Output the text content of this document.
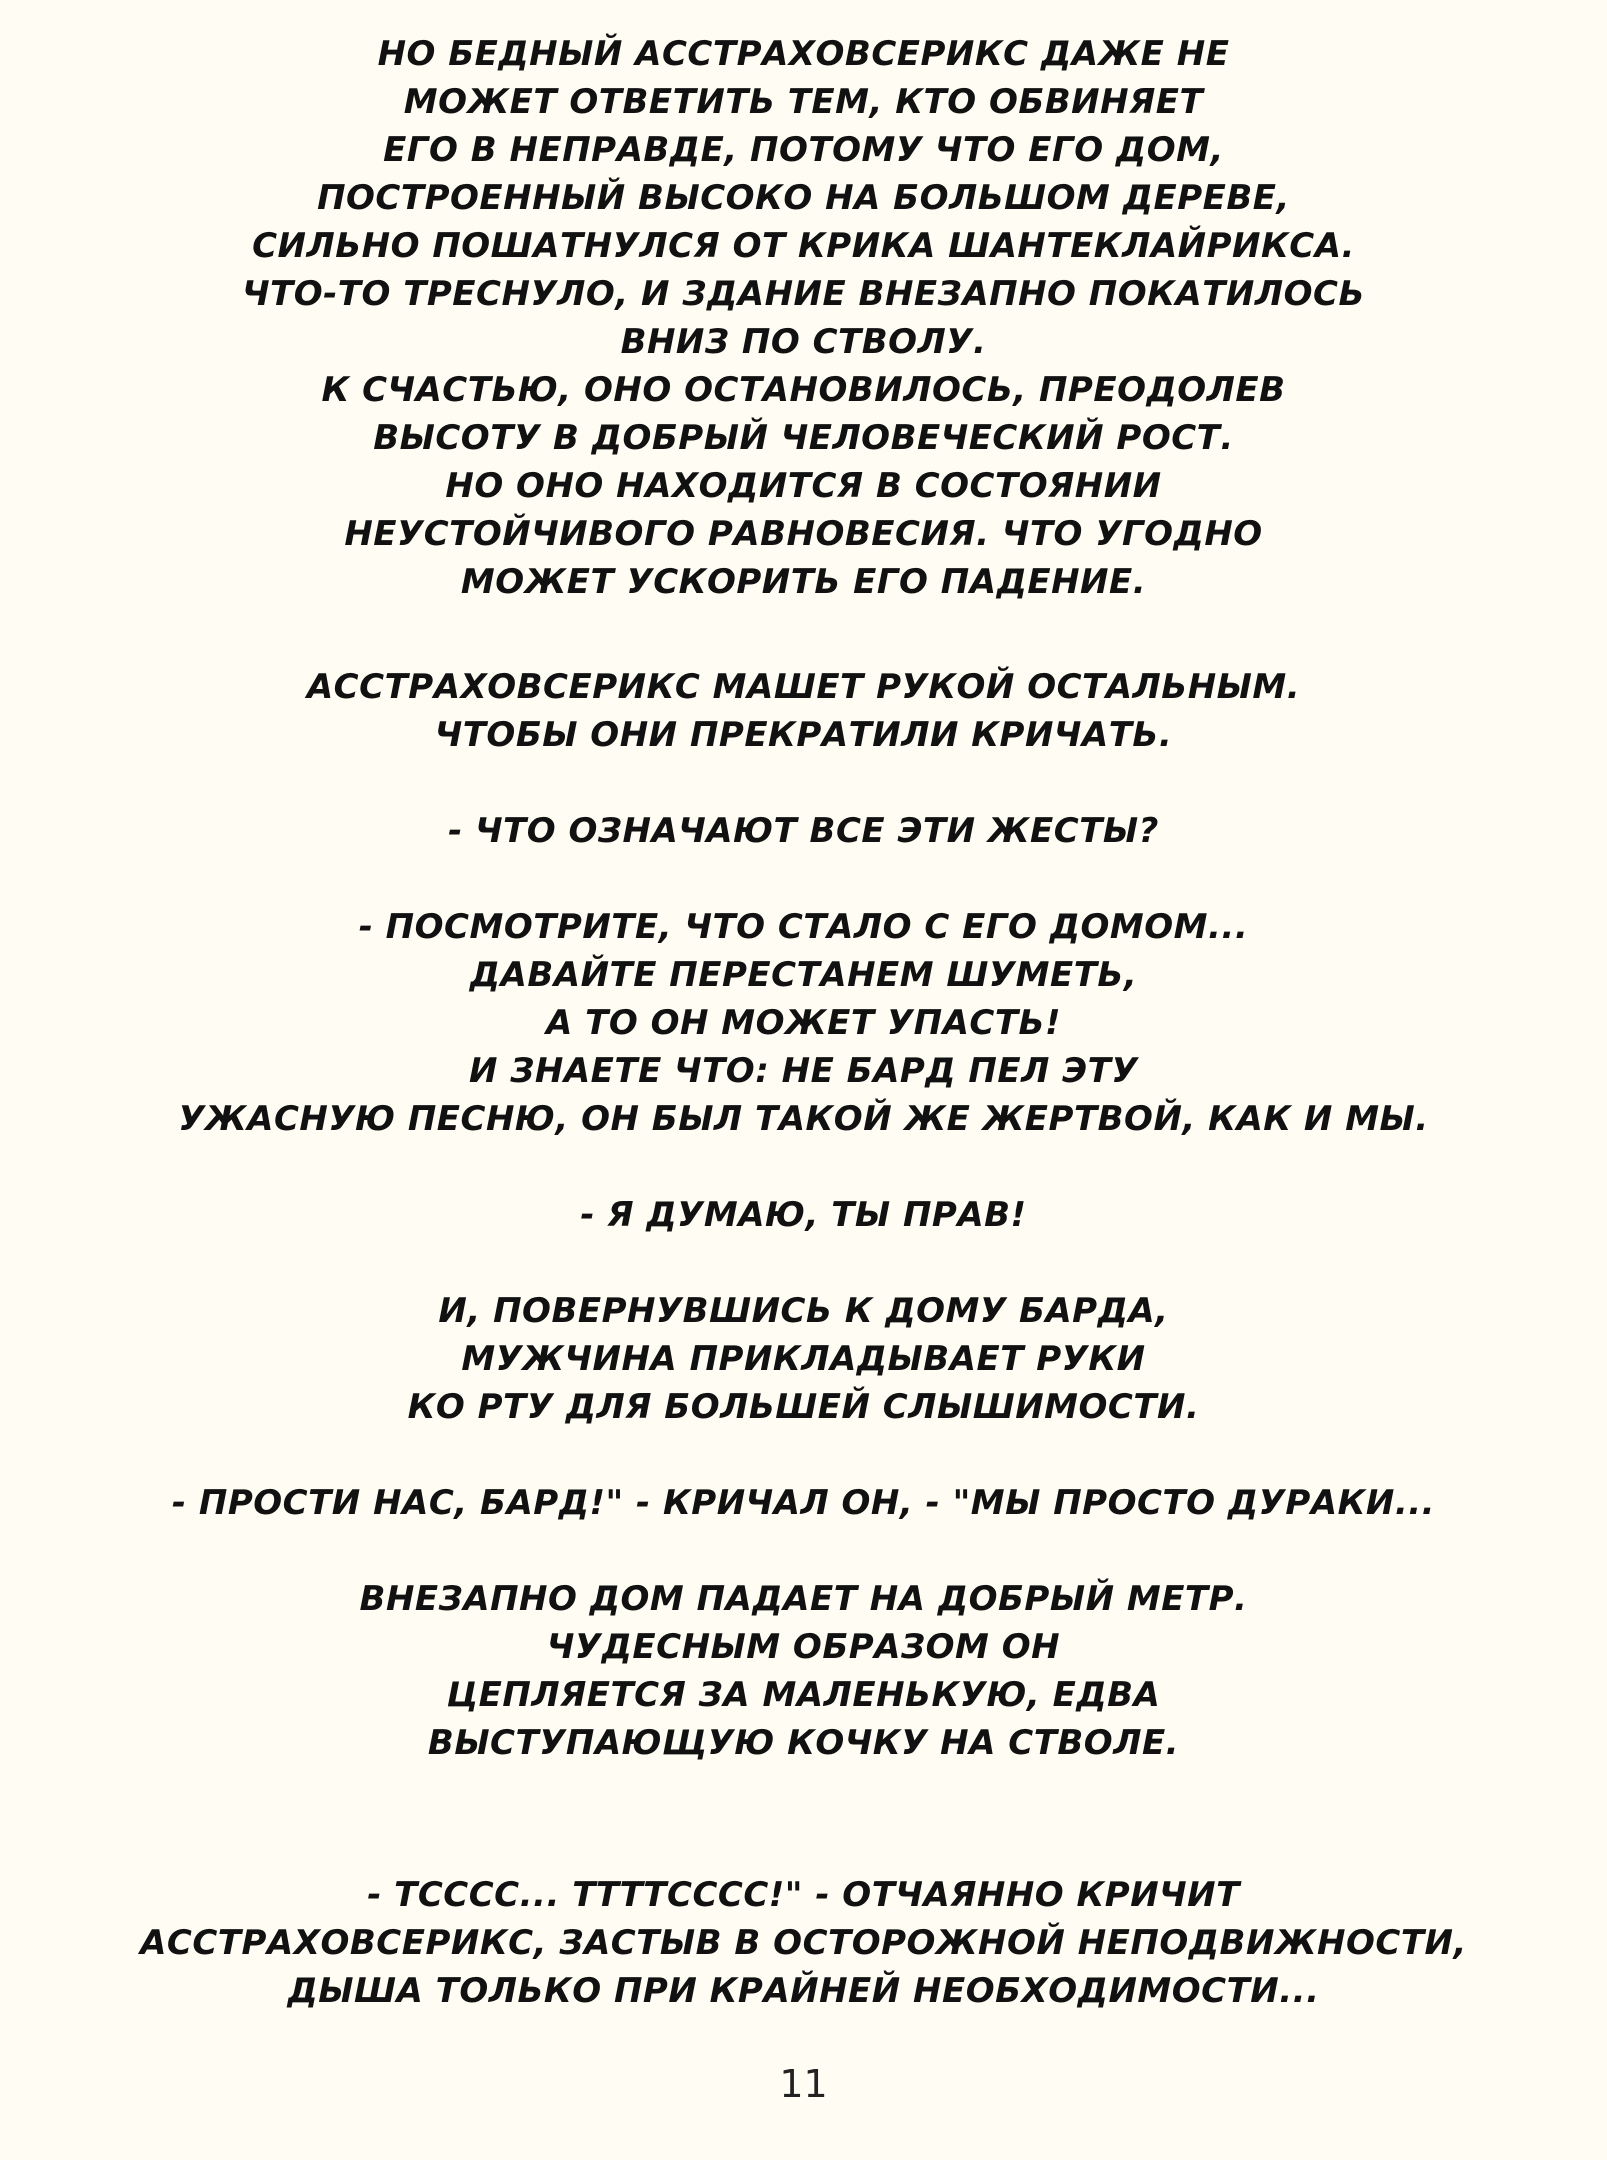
НО БЕДНЫЙ АССТРАХОВСЕРИКС ДАЖЕ НЕ
МОЖЕТ ОТВЕТИТЬ ТЕМ, КТО ОБВИНЯЕТ
ЕГО В НЕПРАВДЕ, ПОТОМУ ЧТО ЕГО ДОМ,
ПОСТРОЕННЫЙ ВЫСОКО НА БОЛЬШОМ ДЕРЕВЕ,
СИЛЬНО ПОШАТНУЛСЯ ОТ КРИКА ШАНТЕКЛАЙРИКСА.
ЧТО-ТО ТРЕСНУЛО, И ЗДАНИЕ ВНЕЗАПНО ПОКАТИЛОСЬ
ВНИЗ ПО СТВОЛУ.
К СЧАСТЬЮ, ОНО ОСТАНОВИЛОСЬ, ПРЕОДОЛЕВ
ВЫСОТУ В ДОБРЫЙ ЧЕЛОВЕЧЕСКИЙ РОСТ.
НО ОНО НАХОДИТСЯ В СОСТОЯНИИ
НЕУСТОЙЧИВОГО РАВНОВЕСИЯ. ЧТО УГОДНО
МОЖЕТ УСКОРИТЬ ЕГО ПАДЕНИЕ.
АССТРАХОВСЕРИКС МАШЕТ РУКОЙ ОСТАЛЬНЫМ.
ЧТОБЫ ОНИ ПРЕКРАТИЛИ КРИЧАТЬ.
- ЧТО ОЗНАЧАЮТ ВСЕ ЭТИ ЖЕСТЫ?
- ПОСМОТРИТЕ, ЧТО СТАЛО С ЕГО ДОМОМ...
ДАВАЙТЕ ПЕРЕСТАНЕМ ШУМЕТЬ,
А ТО ОН МОЖЕТ УПАСТЬ!
И ЗНАЕТЕ ЧТО: НЕ БАРД ПЕЛ ЭТУ
УЖАСНУЮ ПЕСНЮ, ОН БЫЛ ТАКОЙ ЖЕ ЖЕРТВОЙ, КАК И МЫ.
- Я ДУМАЮ, ТЫ ПРАВ!
И, ПОВЕРНУВШИСЬ К ДОМУ БАРДА,
МУЖЧИНА ПРИКЛАДЫВАЕТ РУКИ
КО РТУ ДЛЯ БОЛЬШЕЙ СЛЫШИМОСТИ.
- ПРОСТИ НАС, БАРД!" - КРИЧАЛ ОН, - "МЫ ПРОСТО ДУРАКИ...
ВНЕЗАПНО ДОМ ПАДАЕТ НА ДОБРЫЙ МЕТР.
ЧУДЕСНЫМ ОБРАЗОМ ОН
ЦЕПЛЯЕТСЯ ЗА МАЛЕНЬКУЮ, ЕДВА
ВЫСТУПАЮЩУЮ КОЧКУ НА СТВОЛЕ.
- ТССCC... ТТТТССCC!" - ОТЧАЯННО КРИЧИТ
АССТРАХОВСЕРИКС, ЗАСТЫВ В ОСТОРОЖНОЙ НЕПОДВИЖНОСТИ,
ДЫША ТОЛЬКО ПРИ КРАЙНЕЙ НЕОБХОДИМОСТИ...
11
